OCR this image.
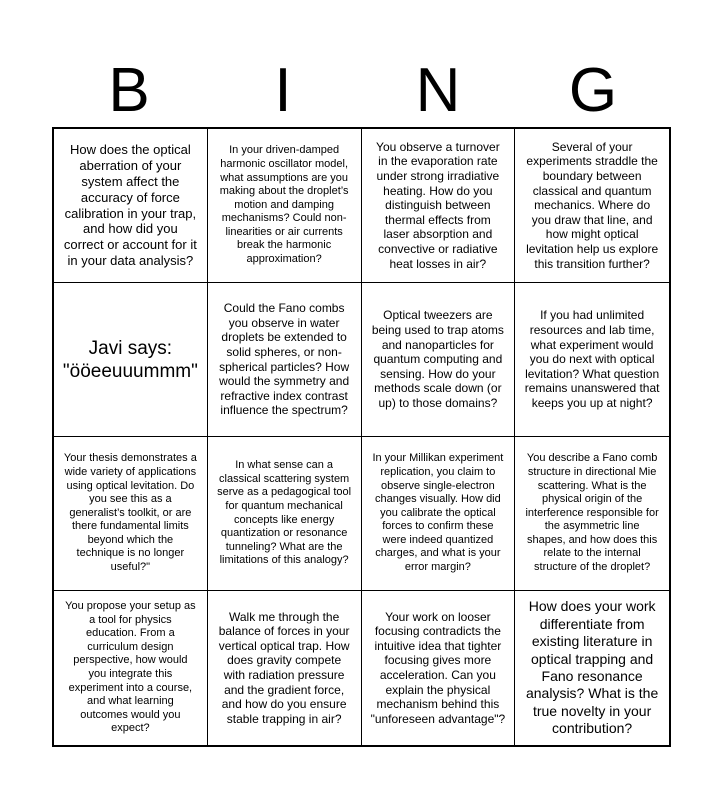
B	I	N	G
How does the optical aberration of your system affect the accuracy of force calibration in your trap, and how did you correct or account for it in your data analysis?
In your driven-damped harmonic oscillator model, what assumptions are you making about the droplet’s motion and damping mechanisms? Could non-linearities or air currents break the harmonic approximation?
You observe a turnover in the evaporation rate under strong irradiative heating. How do you distinguish between thermal effects from laser absorption and convective or radiative heat losses in air?
Several of your experiments straddle the boundary between classical and quantum mechanics. Where do you draw that line, and how might optical levitation help us explore this transition further?
Javi says: "ööeeuuummm"
Could the Fano combs you observe in water droplets be extended to solid spheres, or non-spherical particles? How would the symmetry and refractive index contrast influence the spectrum?
Optical tweezers are being used to trap atoms and nanoparticles for quantum computing and sensing. How do your methods scale down (or up) to those domains?
If you had unlimited resources and lab time, what experiment would you do next with optical levitation? What question remains unanswered that keeps you up at night?
Your thesis demonstrates a wide variety of applications using optical levitation. Do you see this as a generalist’s toolkit, or are there fundamental limits beyond which the technique is no longer useful?"
In what sense can a classical scattering system serve as a pedagogical tool for quantum mechanical concepts like energy quantization or resonance tunneling? What are the limitations of this analogy?
In your Millikan experiment replication, you claim to observe single-electron changes visually. How did you calibrate the optical forces to confirm these were indeed quantized charges, and what is your error margin?
You describe a Fano comb structure in directional Mie scattering. What is the physical origin of the interference responsible for the asymmetric line shapes, and how does this relate to the internal structure of the droplet?
You propose your setup as a tool for physics education. From a curriculum design perspective, how would you integrate this experiment into a course, and what learning outcomes would you expect?
Walk me through the balance of forces in your vertical optical trap. How does gravity compete with radiation pressure and the gradient force, and how do you ensure stable trapping in air?
Your work on looser focusing contradicts the intuitive idea that tighter focusing gives more acceleration. Can you explain the physical mechanism behind this "unforeseen advantage"?
How does your work differentiate from existing literature in optical trapping and Fano resonance analysis? What is the true novelty in your contribution?
